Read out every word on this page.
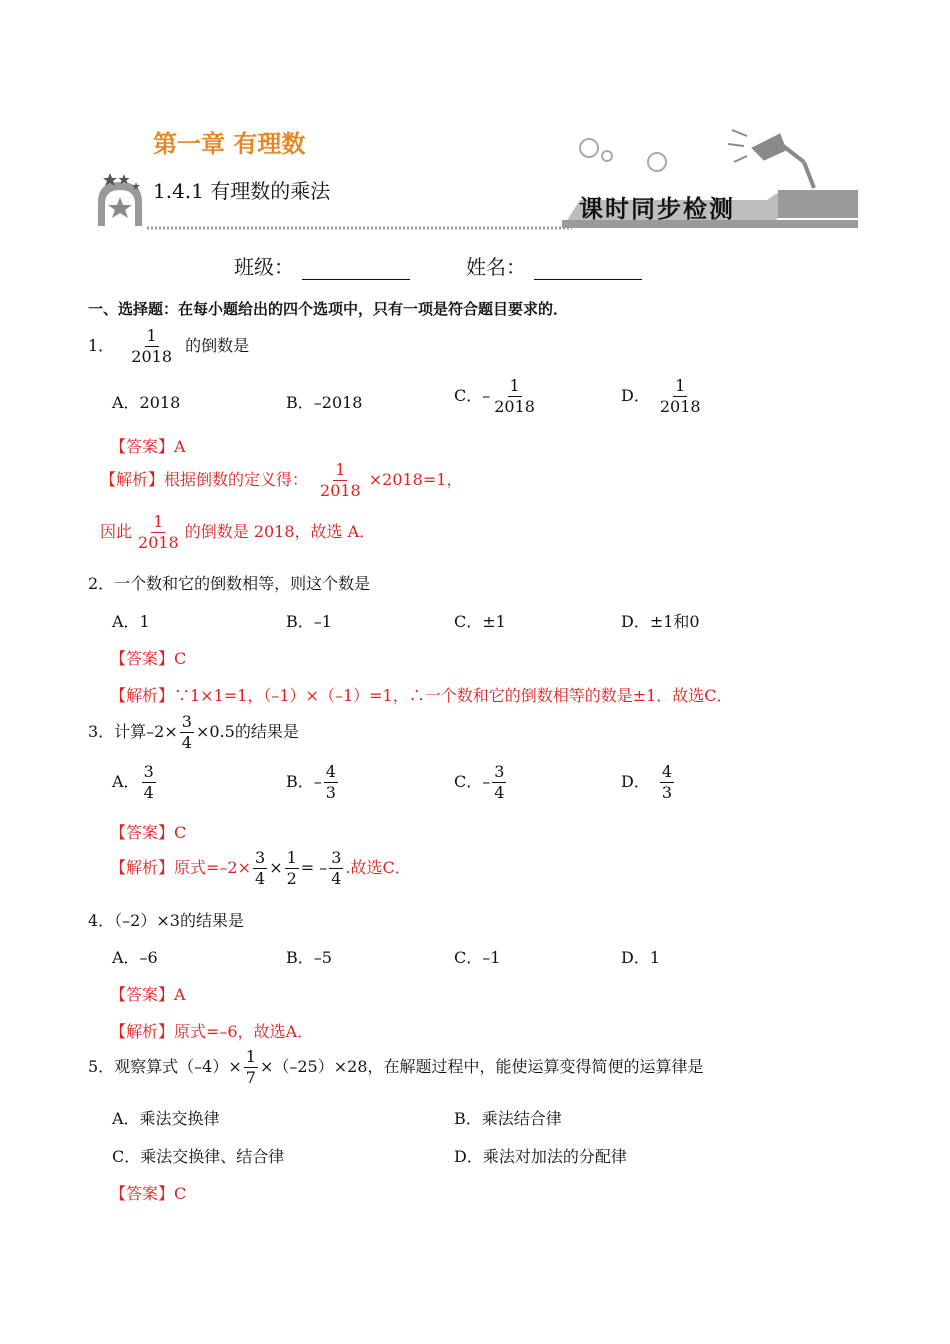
第一章 有理数
1.4.1 有理数的乘法
课时同步检测
班级：	姓名：
一、选择题：在每小题给出的四个选项中，只有一项是符合题目要求的．
1． $\frac{1}{2018}$ 的倒数是
A．2018	B．–2018	C．– $\frac{1}{2018}$	D． $\frac{1}{2018}$
【答案】A
【解析】根据倒数的定义得： $\frac{1}{2018} \times 2018=1$，
因此 $\frac{1}{2018}$ 的倒数是 2018，故选 A．
2．一个数和它的倒数相等，则这个数是
A．1	B．–1	C．±1	D．±1和0
【答案】C
【解析】∵1×1=1，（–1）×（–1）=1，∴一个数和它的倒数相等的数是±1．故选C．
3．计算$-2\times \frac{3}{4} \times 0.5$的结果是
A． $\frac{3}{4}$	B．– $\frac{4}{3}$	C．– $\frac{3}{4}$	D． $\frac{4}{3}$
【答案】C
【解析】原式$=-2\times \frac{3}{4} \times \frac{1}{2}$ = – $\frac{3}{4}$ .故选C．
4．（–2）×3的结果是
A．–6	B．–5	C．–1	D．1
【答案】A
【解析】原式=–6，故选A．
5．观察算式$(-4)\times \frac{1}{7} \times(-25)\times 28$，在解题过程中，能使运算变得简便的运算律是
A．乘法交换律	B．乘法结合律
C．乘法交换律、结合律	D．乘法对加法的分配律
【答案】C
